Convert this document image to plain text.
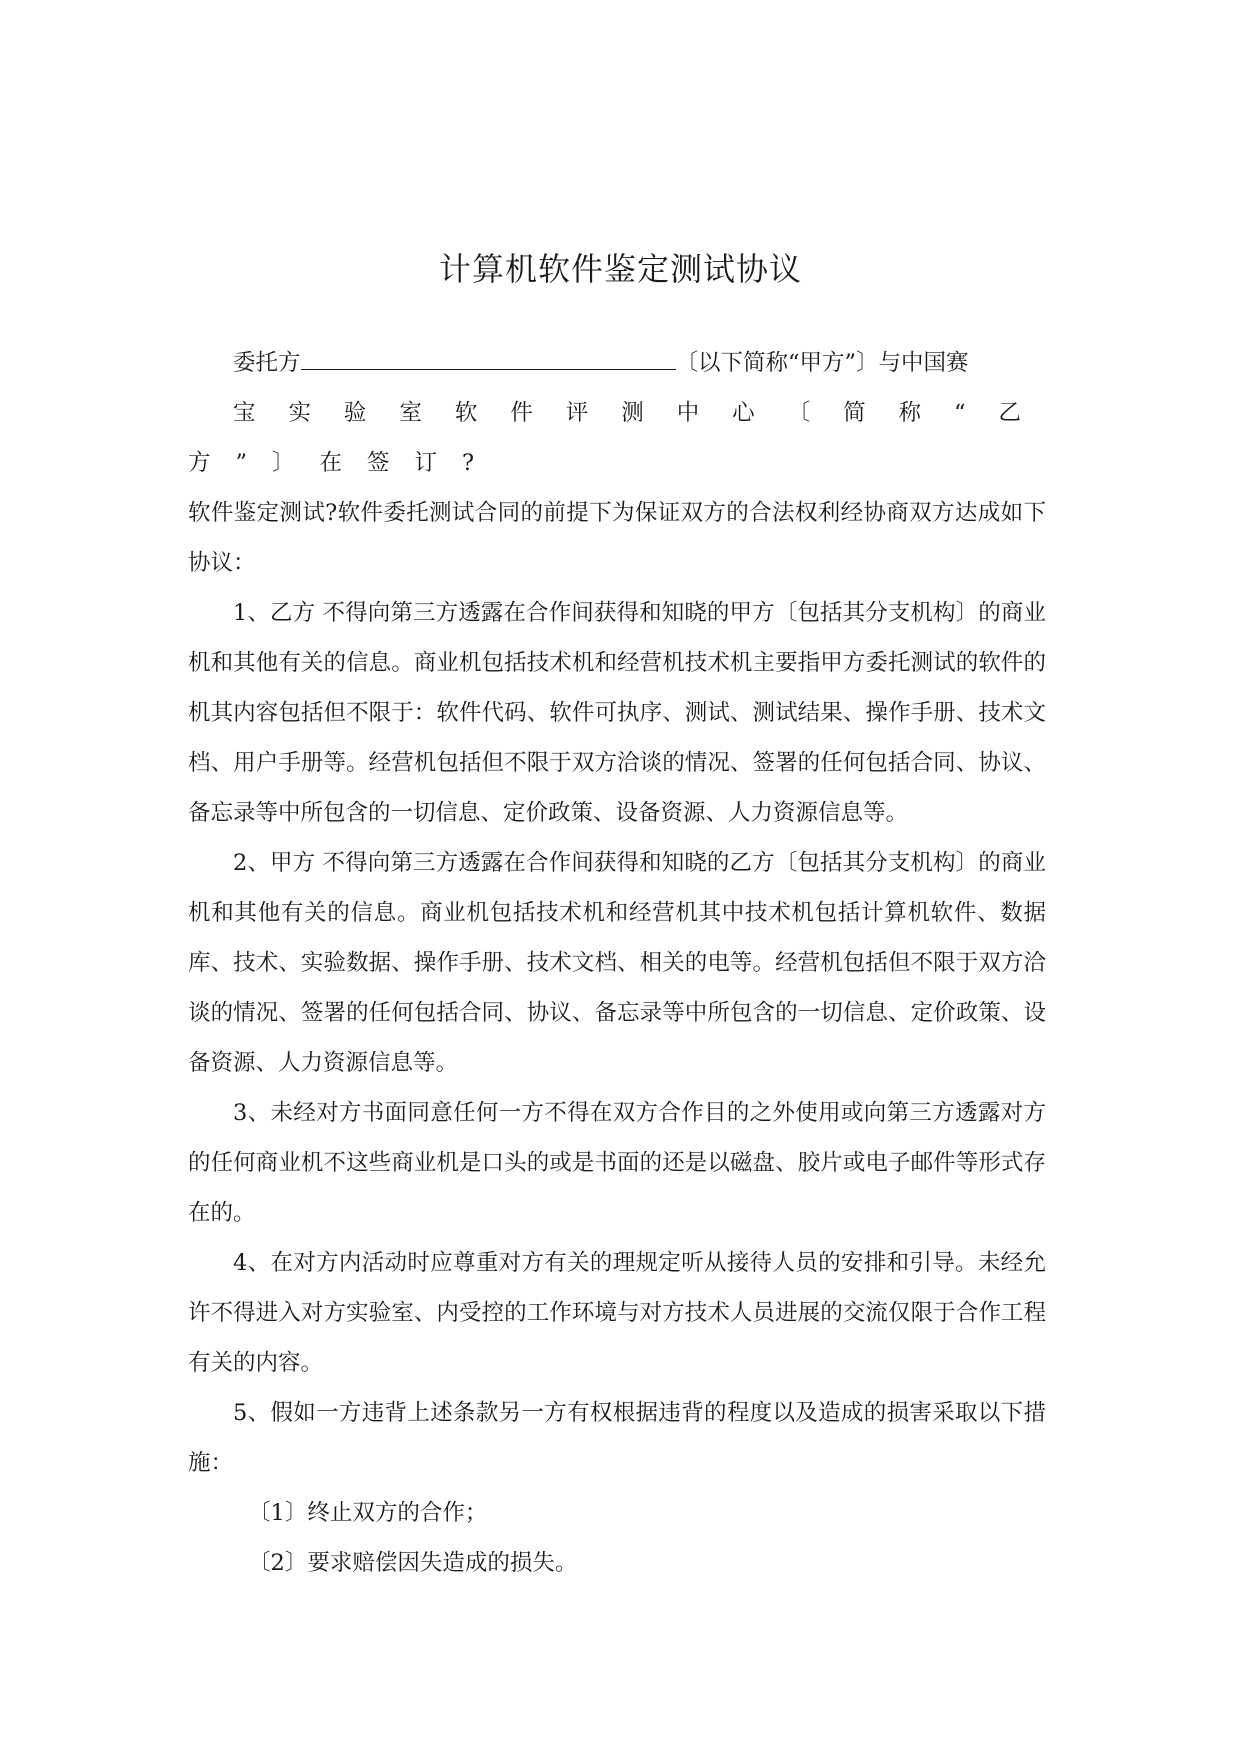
计算机软件鉴定测试协议

委托方	〔以下简称“甲方”〕与中国赛

宝实验室软件评测中心〔简称“乙方”〕在签订?

软件鉴定测试?软件委托测试合同的前提下为保证双方的合法权利经协商双方达成如下协议：

1、乙方 不得向第三方透露在合作间获得和知晓的甲方〔包括其分支机构〕的商业机和其他有关的信息。商业机包括技术机和经营机技术机主要指甲方委托测试的软件的机其内容包括但不限于：软件代码、软件可执序、测试、测试结果、操作手册、技术文档、用户手册等。经营机包括但不限于双方洽谈的情况、签署的任何包括合同、协议、备忘录等中所包含的一切信息、定价政策、设备资源、人力资源信息等。

2、甲方 不得向第三方透露在合作间获得和知晓的乙方〔包括其分支机构〕的商业机和其他有关的信息。商业机包括技术机和经营机其中技术机包括计算机软件、数据库、技术、实验数据、操作手册、技术文档、相关的电等。经营机包括但不限于双方洽谈的情况、签署的任何包括合同、协议、备忘录等中所包含的一切信息、定价政策、设备资源、人力资源信息等。

3、未经对方书面同意任何一方不得在双方合作目的之外使用或向第三方透露对方的任何商业机不这些商业机是口头的或是书面的还是以磁盘、胶片或电子邮件等形式存在的。

4、在对方内活动时应尊重对方有关的理规定听从接待人员的安排和引导。未经允许不得进入对方实验室、内受控的工作环境与对方技术人员进展的交流仅限于合作工程有关的内容。

5、假如一方违背上述条款另一方有权根据违背的程度以及造成的损害采取以下措施：

〔1〕终止双方的合作；

〔2〕要求赔偿因失造成的损失。
